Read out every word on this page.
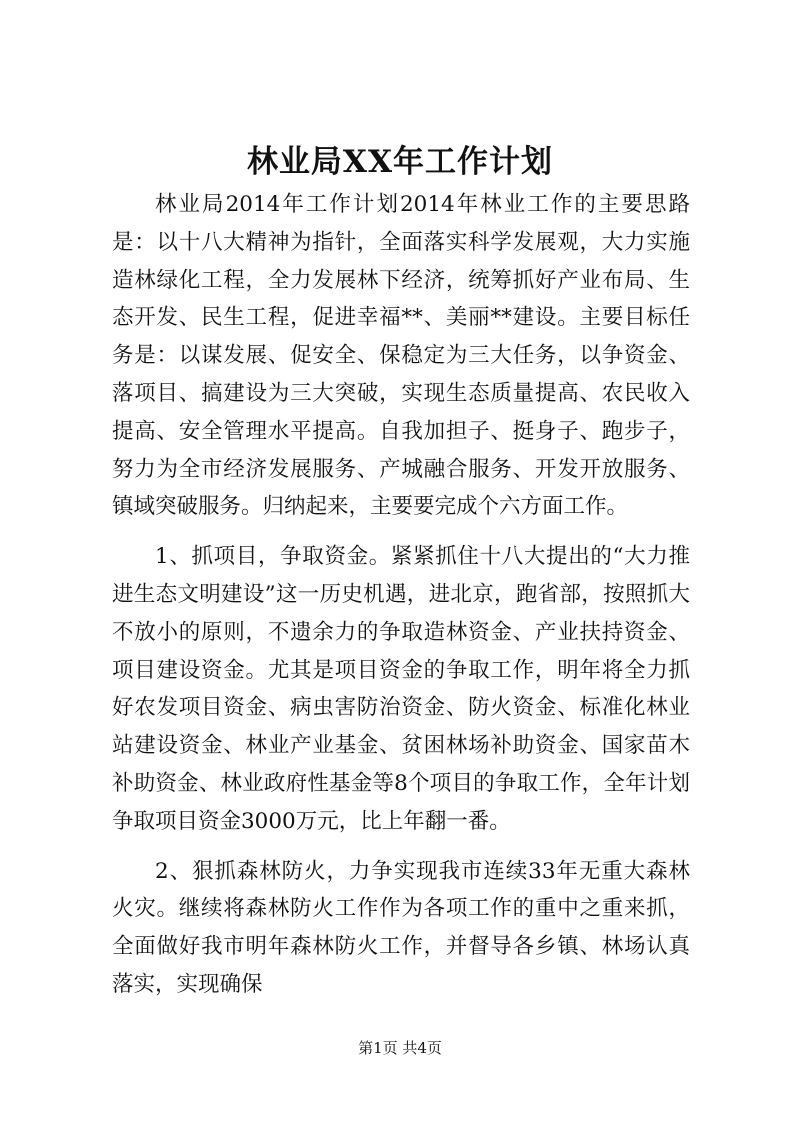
林业局XX年工作计划

林业局2014年工作计划2014年林业工作的主要思路是：以十八大精神为指针，全面落实科学发展观，大力实施造林绿化工程，全力发展林下经济，统筹抓好产业布局、生态开发、民生工程，促进幸福**、美丽**建设。主要目标任务是：以谋发展、促安全、保稳定为三大任务，以争资金、落项目、搞建设为三大突破，实现生态质量提高、农民收入提高、安全管理水平提高。自我加担子、挺身子、跑步子，努力为全市经济发展服务、产城融合服务、开发开放服务、镇域突破服务。归纳起来，主要要完成个六方面工作。

1、抓项目，争取资金。紧紧抓住十八大提出的“大力推进生态文明建设”这一历史机遇，进北京，跑省部，按照抓大不放小的原则，不遗余力的争取造林资金、产业扶持资金、项目建设资金。尤其是项目资金的争取工作，明年将全力抓好农发项目资金、病虫害防治资金、防火资金、标准化林业站建设资金、林业产业基金、贫困林场补助资金、国家苗木补助资金、林业政府性基金等8个项目的争取工作，全年计划争取项目资金3000万元，比上年翻一番。

2、狠抓森林防火，力争实现我市连续33年无重大森林火灾。继续将森林防火工作作为各项工作的重中之重来抓，全面做好我市明年森林防火工作，并督导各乡镇、林场认真落实，实现确保

第1页 共4页
